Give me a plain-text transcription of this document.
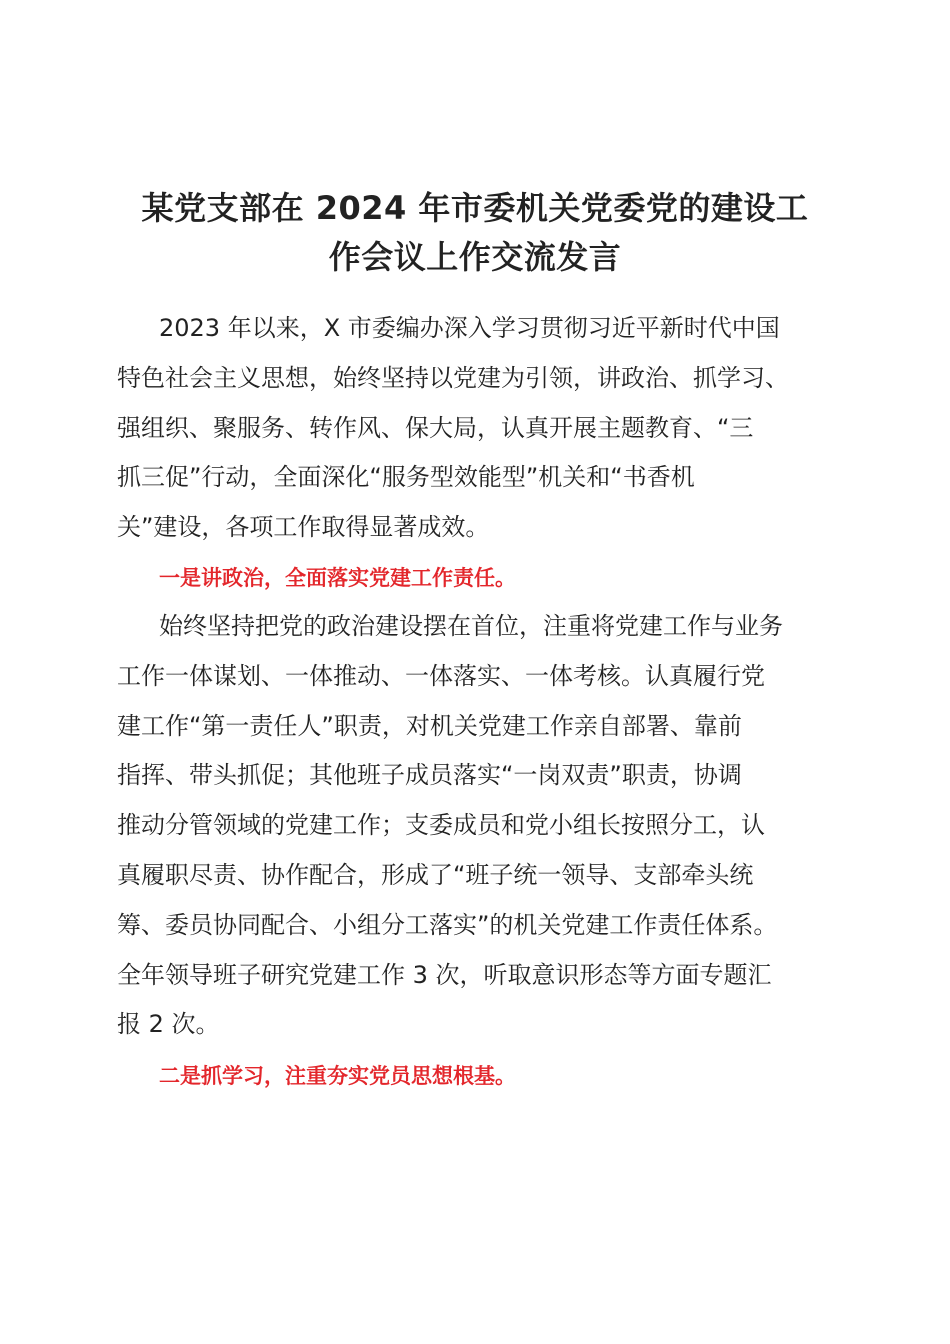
某党支部在 2024 年市委机关党委党的建设工
作会议上作交流发言
2023 年以来，X 市委编办深入学习贯彻习近平新时代中国
特色社会主义思想，始终坚持以党建为引领，讲政治、抓学习、
强组织、聚服务、转作风、保大局，认真开展主题教育、“三
抓三促”行动，全面深化“服务型效能型”机关和“书香机
关”建设，各项工作取得显著成效。

一是讲政治，全面落实党建工作责任。

始终坚持把党的政治建设摆在首位，注重将党建工作与业务
工作一体谋划、一体推动、一体落实、一体考核。认真履行党
建工作“第一责任人”职责，对机关党建工作亲自部署、靠前
指挥、带头抓促；其他班子成员落实“一岗双责”职责，协调
推动分管领域的党建工作；支委成员和党小组长按照分工，认
真履职尽责、协作配合，形成了“班子统一领导、支部牵头统
筹、委员协同配合、小组分工落实”的机关党建工作责任体系。
全年领导班子研究党建工作 3 次，听取意识形态等方面专题汇
报 2 次。

二是抓学习，注重夯实党员思想根基。
